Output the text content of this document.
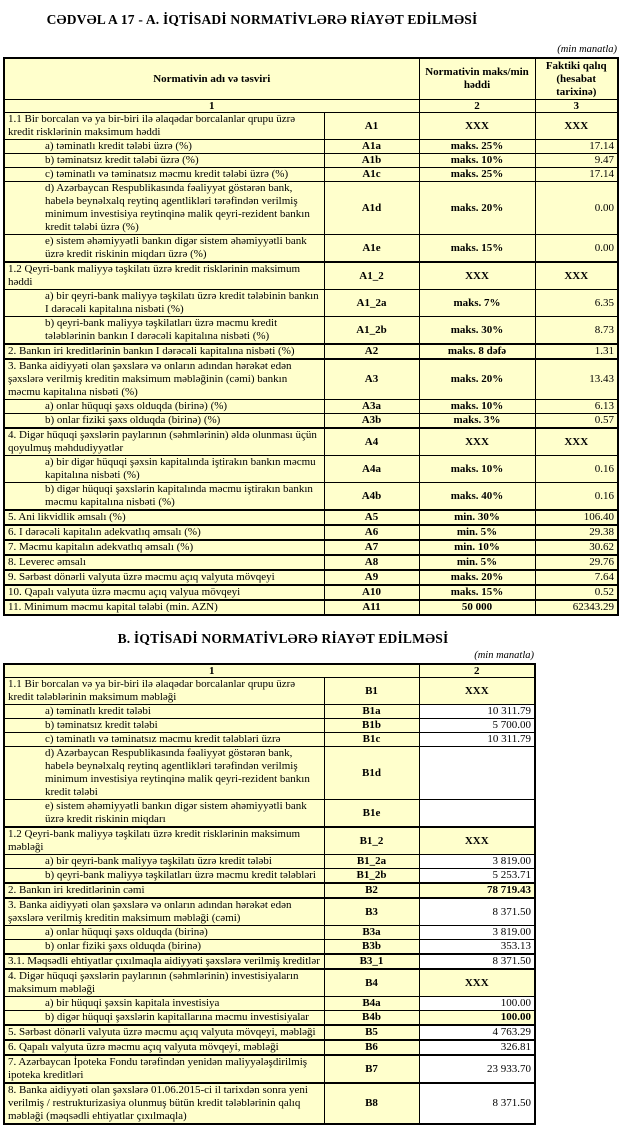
CƏDVƏL A 17 - A. İQTİSADİ NORMATİVLƏRƏ RİAYƏT EDİLMƏSİ
(min manatla)
Normativin adı və təsviri		Normativin maks/min həddi	Faktiki qalıq (hesabat tarixinə)
1		2	3
1.1 Bir borcalan və ya bir-biri ilə əlaqədar borcalanlar qrupu üzrə kredit risklərinin maksimum həddi	A1	XXX	XXX
a) təminatlı kredit tələbi üzrə (%)	A1a	maks. 25%	17.14
b) təminatsız kredit tələbi üzrə (%)	A1b	maks. 10%	9.47
c) təminatlı və təminatsız məcmu kredit tələbi üzrə (%)	A1c	maks. 25%	17.14
d) Azərbaycan Respublikasında fəaliyyət göstərən bank, habelə beynəlxalq reytinq agentlikləri tərəfindən verilmiş minimum investisiya reytinqinə malik qeyri-rezident bankın kredit tələbi üzrə (%)	A1d	maks. 20%	0.00
e) sistem əhəmiyyətli bankın digər sistem əhəmiyyətli bank üzrə kredit riskinin miqdarı üzrə (%)	A1e	maks. 15%	0.00
1.2 Qeyri-bank maliyyə təşkilatı üzrə kredit risklərinin maksimum həddi	A1_2	XXX	XXX
a) bir qeyri-bank maliyyə təşkilatı üzrə kredit tələbinin bankın I dərəcəli kapitalına nisbəti (%)	A1_2a	maks. 7%	6.35
b) qeyri-bank maliyyə təşkilatları üzrə məcmu kredit tələblərinin bankın I dərəcəli kapitalına nisbəti (%)	A1_2b	maks. 30%	8.73
2. Bankın iri kreditlərinin bankın I dərəcəli kapitalına nisbəti (%)	A2	maks. 8 dəfə	1.31
3. Banka aidiyyəti olan şəxslərə və onların adından hərəkət edən şəxslərə verilmiş kreditin maksimum məbləğinin (cəmi) bankın məcmu kapitalına nisbəti (%)	A3	maks. 20%	13.43
a) onlar hüquqi şəxs olduqda (birinə) (%)	A3a	maks. 10%	6.13
b) onlar fiziki şəxs olduqda (birinə) (%)	A3b	maks. 3%	0.57
4. Digər hüquqi şəxslərin paylarının (səhmlərinin) əldə olunması üçün qoyulmuş məhdudiyyətlər	A4	XXX	XXX
a) bir digər hüquqi şəxsin kapitalında iştirakın bankın məcmu kapitalına nisbəti (%)	A4a	maks. 10%	0.16
b) digər hüquqi şəxslərin kapitalında məcmu iştirakın bankın məcmu kapitalına nisbəti (%)	A4b	maks. 40%	0.16
5. Ani likvidlik əmsalı (%)	A5	min. 30%	106.40
6. I dərəcəli kapitalın adekvatlıq əmsalı (%)	A6	min. 5%	29.38
7. Məcmu kapitalın adekvatlıq əmsalı (%)	A7	min. 10%	30.62
8. Leverec əmsalı	A8	min. 5%	29.76
9. Sərbəst dönərli valyuta üzrə məcmu açıq valyuta mövqeyi	A9	maks. 20%	7.64
10. Qapalı valyuta üzrə məcmu açıq valyua mövqeyi	A10	maks. 15%	0.52
11. Minimum məcmu kapital tələbi (min. AZN)	A11	50 000	62343.29
B. İQTİSADİ NORMATİVLƏRƏ RİAYƏT EDİLMƏSİ
(min manatla)
1		2
1.1 Bir borcalan və ya bir-biri ilə əlaqədar borcalanlar qrupu üzrə kredit tələblərinin maksimum məbləği	B1	XXX
a) təminatlı kredit tələbi	B1a	10 311.79
b) təminatsız kredit tələbi	B1b	5 700.00
c) təminatlı və təminatsız məcmu kredit tələbləri üzrə	B1c	10 311.79
d) Azərbaycan Respublikasında fəaliyyət göstərən bank, habelə beynəlxalq reytinq agentlikləri tərəfindən verilmiş minimum investisiya reytinqinə malik qeyri-rezident bankın kredit tələbi	B1d	
e) sistem əhəmiyyətli bankın digər sistem əhəmiyyətli bank üzrə kredit riskinin miqdarı	B1e	
1.2 Qeyri-bank maliyyə təşkilatı üzrə kredit risklərinin maksimum məbləği	B1_2	XXX
a) bir qeyri-bank maliyyə təşkilatı üzrə kredit tələbi	B1_2a	3 819.00
b) qeyri-bank maliyyə təşkilatları üzrə məcmu kredit tələbləri	B1_2b	5 253.71
2. Bankın iri kreditlərinin cəmi	B2	78 719.43
3. Banka aidiyyəti olan şəxslərə və onların adından hərəkət edən şəxslərə verilmiş kreditin maksimum məbləği (cəmi)	B3	8 371.50
a) onlar hüquqi şəxs olduqda (birinə)	B3a	3 819.00
b) onlar fiziki şəxs olduqda (birinə)	B3b	353.13
3.1. Məqsədli ehtiyatlar çıxılmaqla aidiyyəti şəxslərə verilmiş kreditlər	B3_1	8 371.50
4. Digər hüquqi şəxslərin paylarının (səhmlərinin) investisiyaların maksimum məbləği	B4	XXX
a) bir hüquqi şəxsin kapitala investisiya	B4a	100.00
b) digər hüquqi şəxslərin kapitallarına məcmu investisiyalar	B4b	100.00
5. Sərbəst dönərli valyuta üzrə məcmu açıq valyuta mövqeyi, məbləği	B5	4 763.29
6. Qapalı valyuta üzrə məcmu açıq valyuta mövqeyi, məbləği	B6	326.81
7. Azərbaycan İpoteka Fondu tərəfindən yenidən maliyyələşdirilmiş ipoteka kreditləri	B7	23 933.70
8. Banka aidiyyəti olan şəxslərə 01.06.2015-ci il tarixdən sonra yeni verilmiş / restrukturizasiya olunmuş bütün kredit tələblərinin qalıq məbləği (məqsədli ehtiyatlar çıxılmaqla)	B8	8 371.50
